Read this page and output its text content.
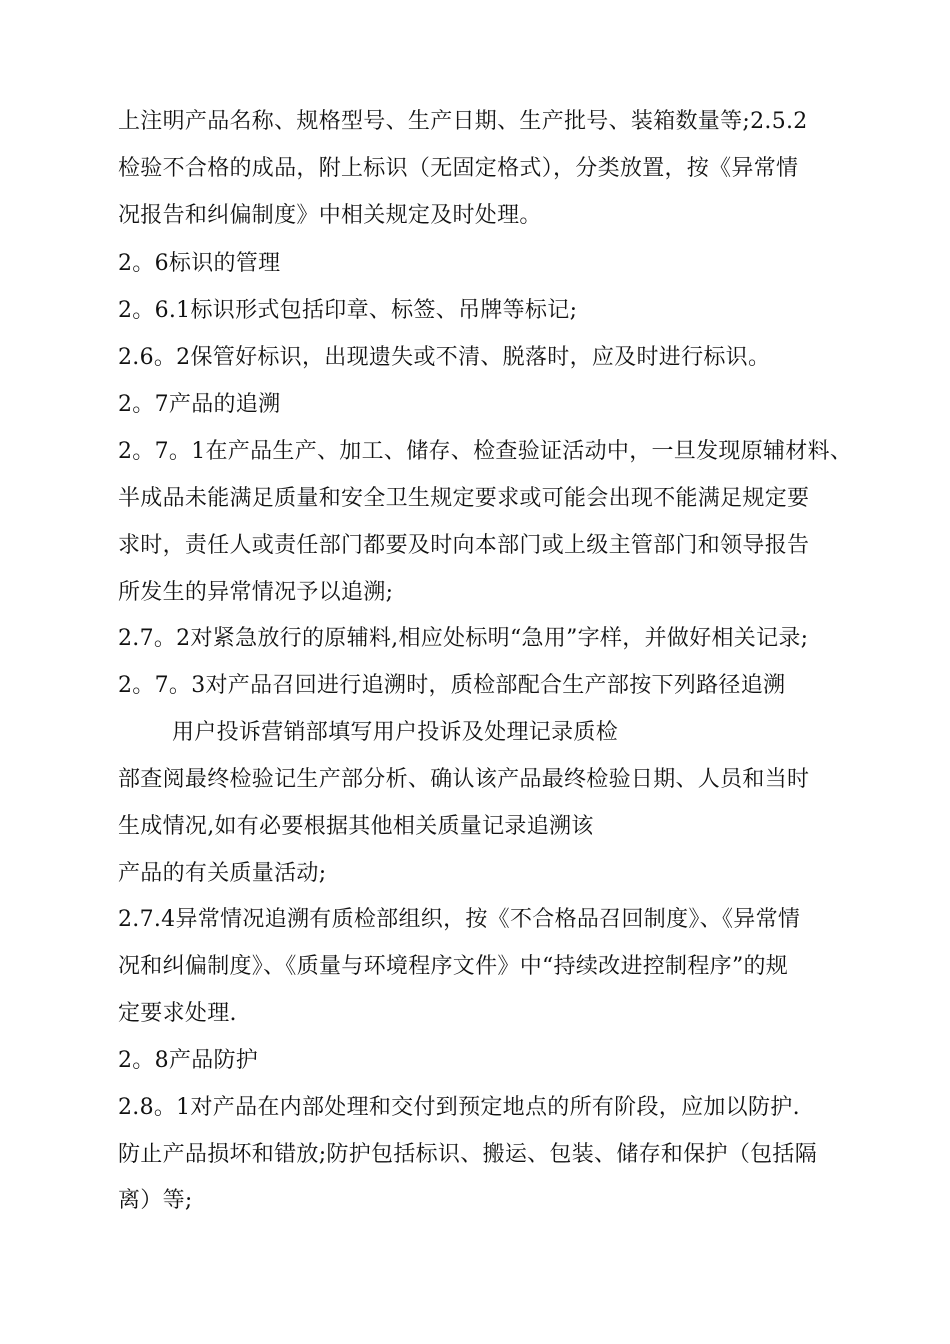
上注明产品名称、规格型号、生产日期、生产批号、装箱数量等;2.5.2
检验不合格的成品，附上标识（无固定格式），分类放置，按《异常情
况报告和纠偏制度》中相关规定及时处理。
2。6标识的管理
2。6.1标识形式包括印章、标签、吊牌等标记;
2.6。2保管好标识，出现遗失或不清、脱落时，应及时进行标识。
2。7产品的追溯
2。7。1在产品生产、加工、储存、检查验证活动中，一旦发现原辅材料、
半成品未能满足质量和安全卫生规定要求或可能会出现不能满足规定要
求时，责任人或责任部门都要及时向本部门或上级主管部门和领导报告
所发生的异常情况予以追溯;
2.7。2对紧急放行的原辅料,相应处标明“急用”字样，并做好相关记录;
2。7。3对产品召回进行追溯时，质检部配合生产部按下列路径追溯
用户投诉营销部填写用户投诉及处理记录质检
部查阅最终检验记生产部分析、确认该产品最终检验日期、人员和当时
生成情况,如有必要根据其他相关质量记录追溯该
产品的有关质量活动;
2.7.4异常情况追溯有质检部组织，按《不合格品召回制度》、《异常情
况和纠偏制度》、《质量与环境程序文件》中“持续改进控制程序”的规
定要求处理.
2。8产品防护
2.8。1对产品在内部处理和交付到预定地点的所有阶段，应加以防护.
防止产品损坏和错放;防护包括标识、搬运、包装、储存和保护（包括隔
离）等;
